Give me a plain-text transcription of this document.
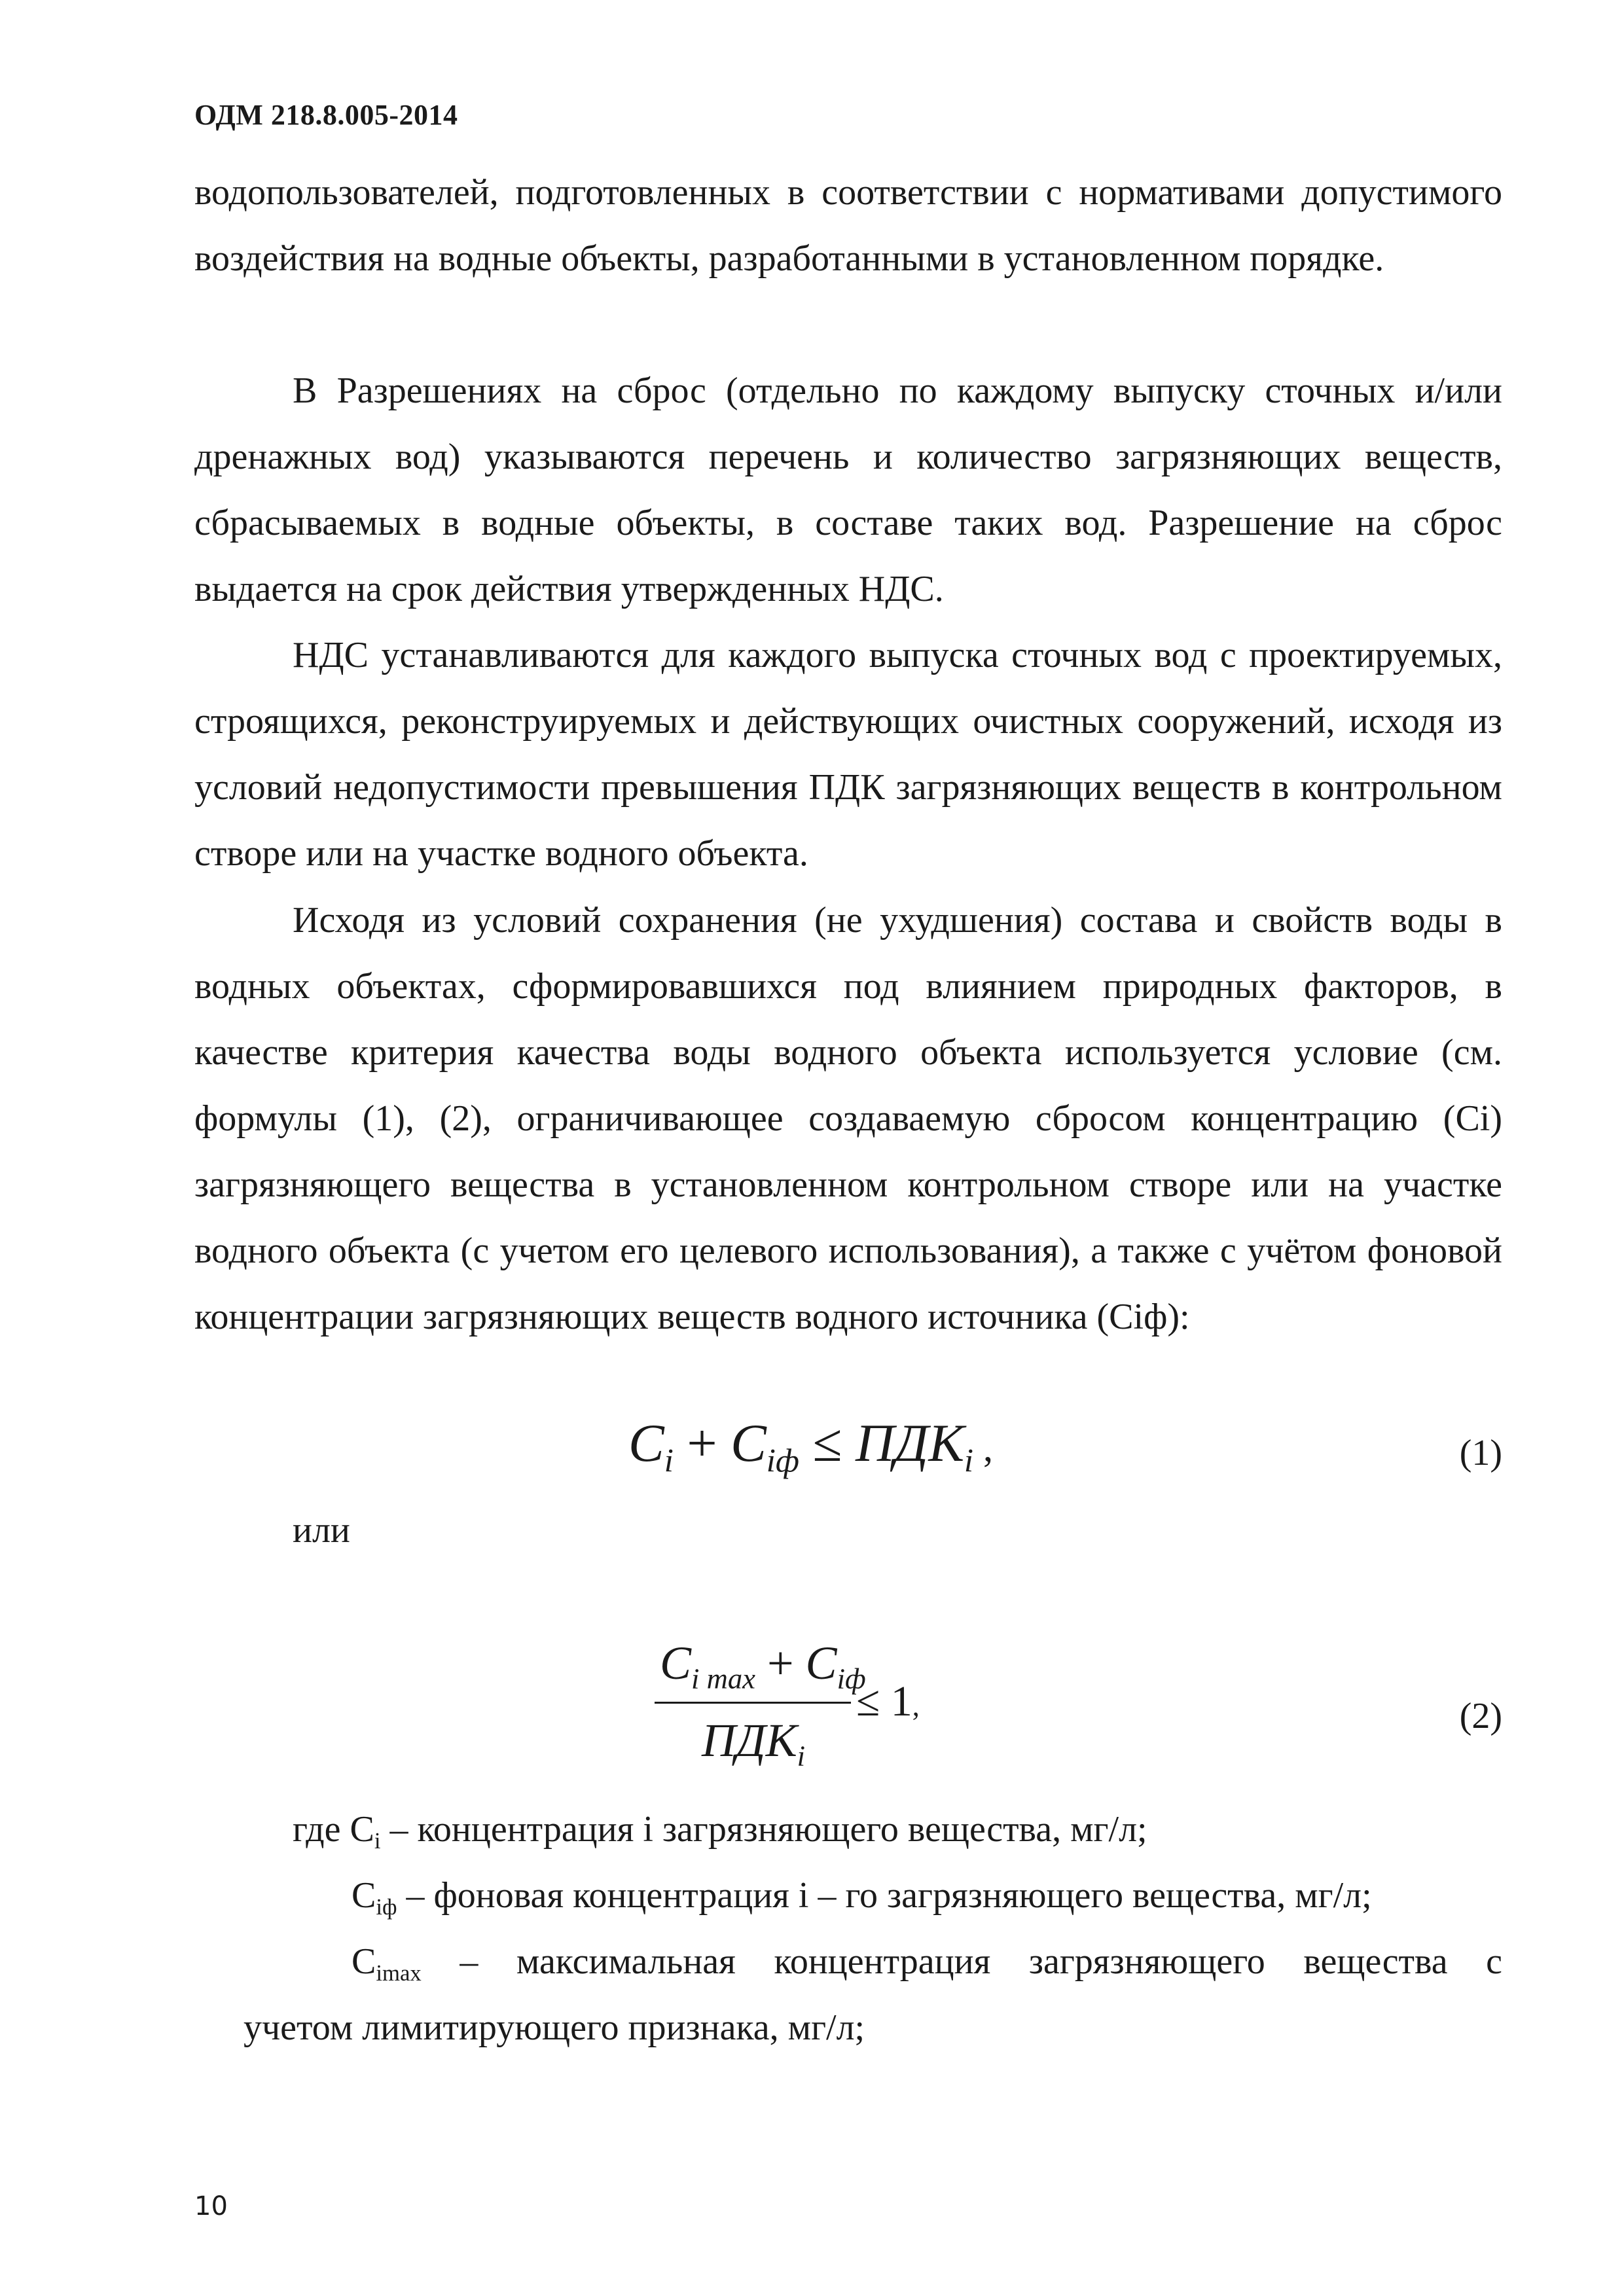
ОДМ 218.8.005-2014

водопользователей, подготовленных в соответствии с нормативами допустимого воздействия на водные объекты, разработанными в установленном порядке.

В Разрешениях на сброс (отдельно по каждому выпуску сточных и/или дренажных вод) указываются перечень и количество загрязняющих веществ, сбрасываемых в водные объекты, в составе таких вод. Разрешение на сброс выдается на срок действия утвержденных НДС.

НДС устанавливаются для каждого выпуска сточных вод с проектируемых, строящихся, реконструируемых и действующих очистных сооружений, исходя из условий недопустимости превышения ПДК загрязняющих веществ в контрольном створе или на участке водного объекта.

Исходя из условий сохранения (не ухудшения) состава и свойств воды в водных объектах, сформировавшихся под влиянием природных факторов, в качестве критерия качества воды водного объекта используется условие (см. формулы (1), (2), ограничивающее создаваемую сбросом концентрацию (Ci) загрязняющего вещества в установленном контрольном створе или на участке водного объекта (с учетом его целевого использования), а также с учётом фоновой концентрации загрязняющих веществ водного источника (Ciф):

$C_i + C_{iф} \le ПДК_i$ ,	(1)
или
$C_{i max} + C_{iф}$
$ПДК_i$
≤ 1,	(2)

где Ci – концентрация i загрязняющего вещества, мг/л;

Ciф – фоновая концентрация i – го загрязняющего вещества, мг/л;

Cimax – максимальная концентрация загрязняющего вещества с

учетом лимитирующего признака, мг/л;

10
